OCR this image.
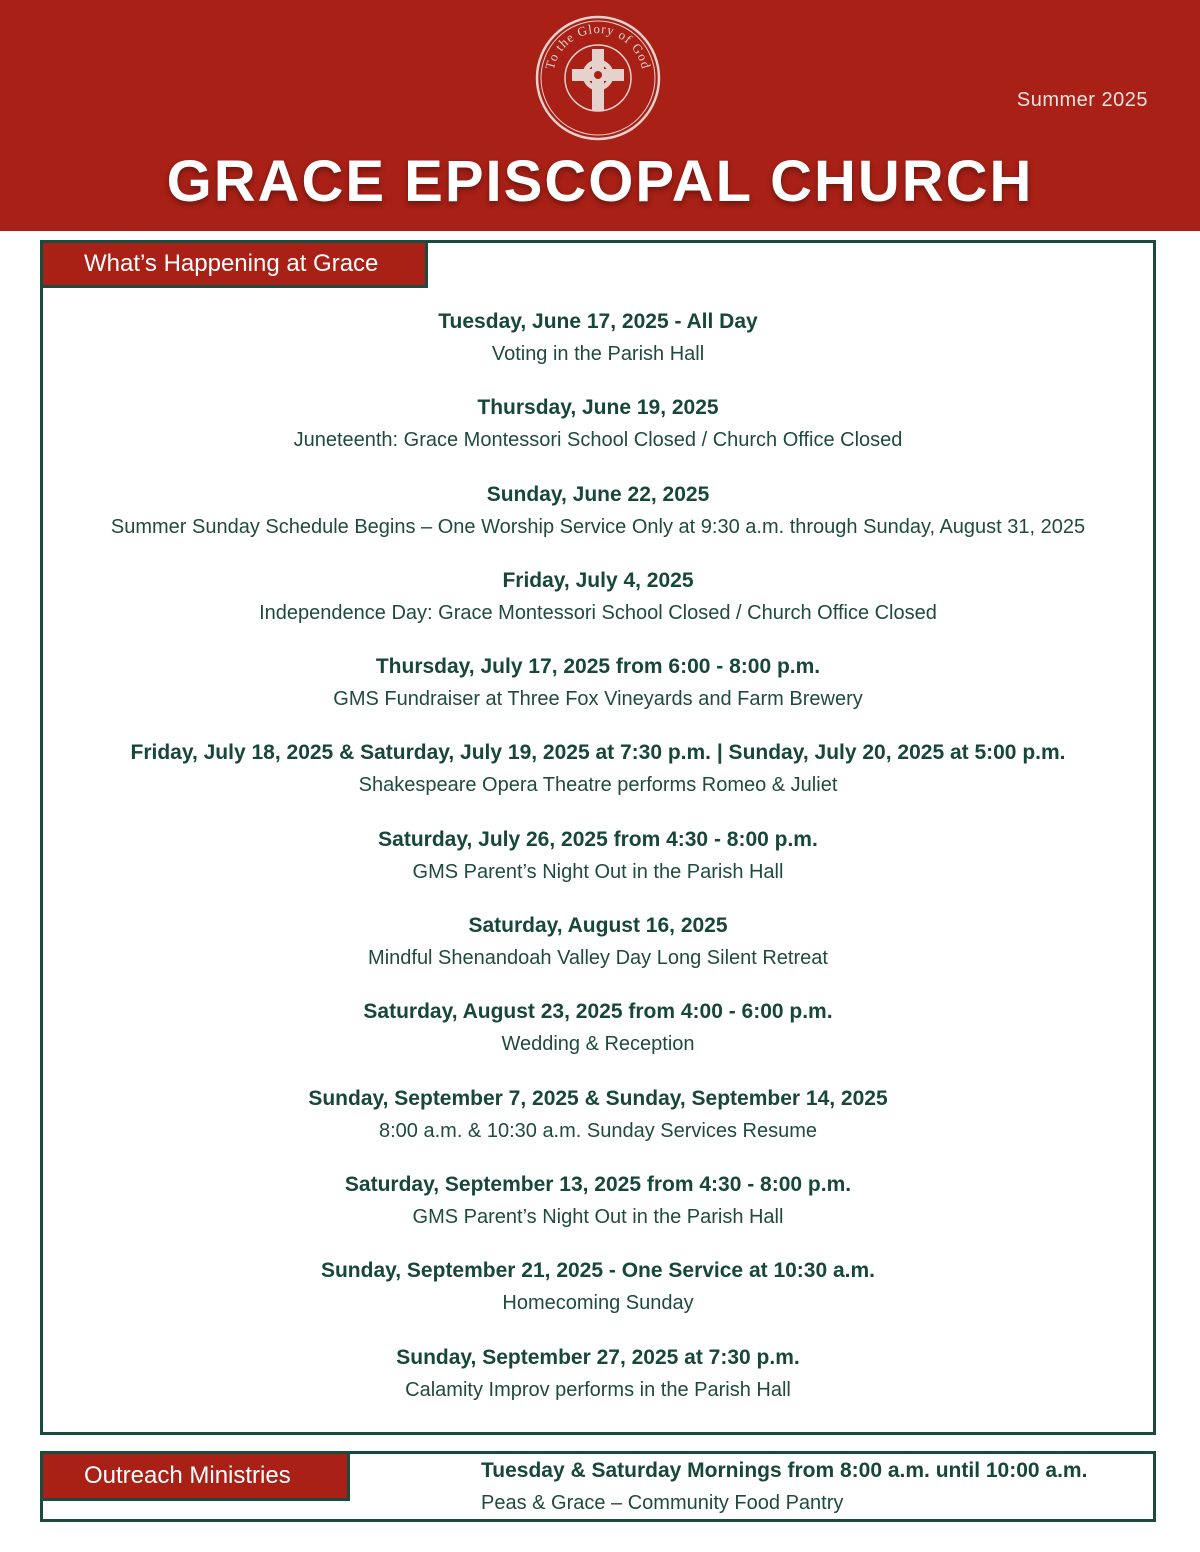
To the Glory of God
Summer 2025
GRACE EPISCOPAL CHURCH
What’s Happening at Grace
Tuesday, June 17, 2025 - All Day
Voting in the Parish Hall
Thursday, June 19, 2025
Juneteenth: Grace Montessori School Closed / Church Office Closed
Sunday, June 22, 2025
Summer Sunday Schedule Begins – One Worship Service Only at 9:30 a.m. through Sunday, August 31, 2025
Friday, July 4, 2025
Independence Day: Grace Montessori School Closed / Church Office Closed
Thursday, July 17, 2025 from 6:00 - 8:00 p.m.
GMS Fundraiser at Three Fox Vineyards and Farm Brewery
Friday, July 18, 2025 & Saturday, July 19, 2025 at 7:30 p.m. | Sunday, July 20, 2025 at 5:00 p.m.
Shakespeare Opera Theatre performs Romeo & Juliet
Saturday, July 26, 2025 from 4:30 - 8:00 p.m.
GMS Parent’s Night Out in the Parish Hall
Saturday, August 16, 2025
Mindful Shenandoah Valley Day Long Silent Retreat
Saturday, August 23, 2025 from 4:00 - 6:00 p.m.
Wedding & Reception
Sunday, September 7, 2025 & Sunday, September 14, 2025
8:00 a.m. & 10:30 a.m. Sunday Services Resume
Saturday, September 13, 2025 from 4:30 - 8:00 p.m.
GMS Parent’s Night Out in the Parish Hall
Sunday, September 21, 2025 - One Service at 10:30 a.m.
Homecoming Sunday
Sunday, September 27, 2025 at 7:30 p.m.
Calamity Improv performs in the Parish Hall
Outreach Ministries	Tuesday & Saturday Mornings from 8:00 a.m. until 10:00 a.m.
Peas & Grace – Community Food Pantry
